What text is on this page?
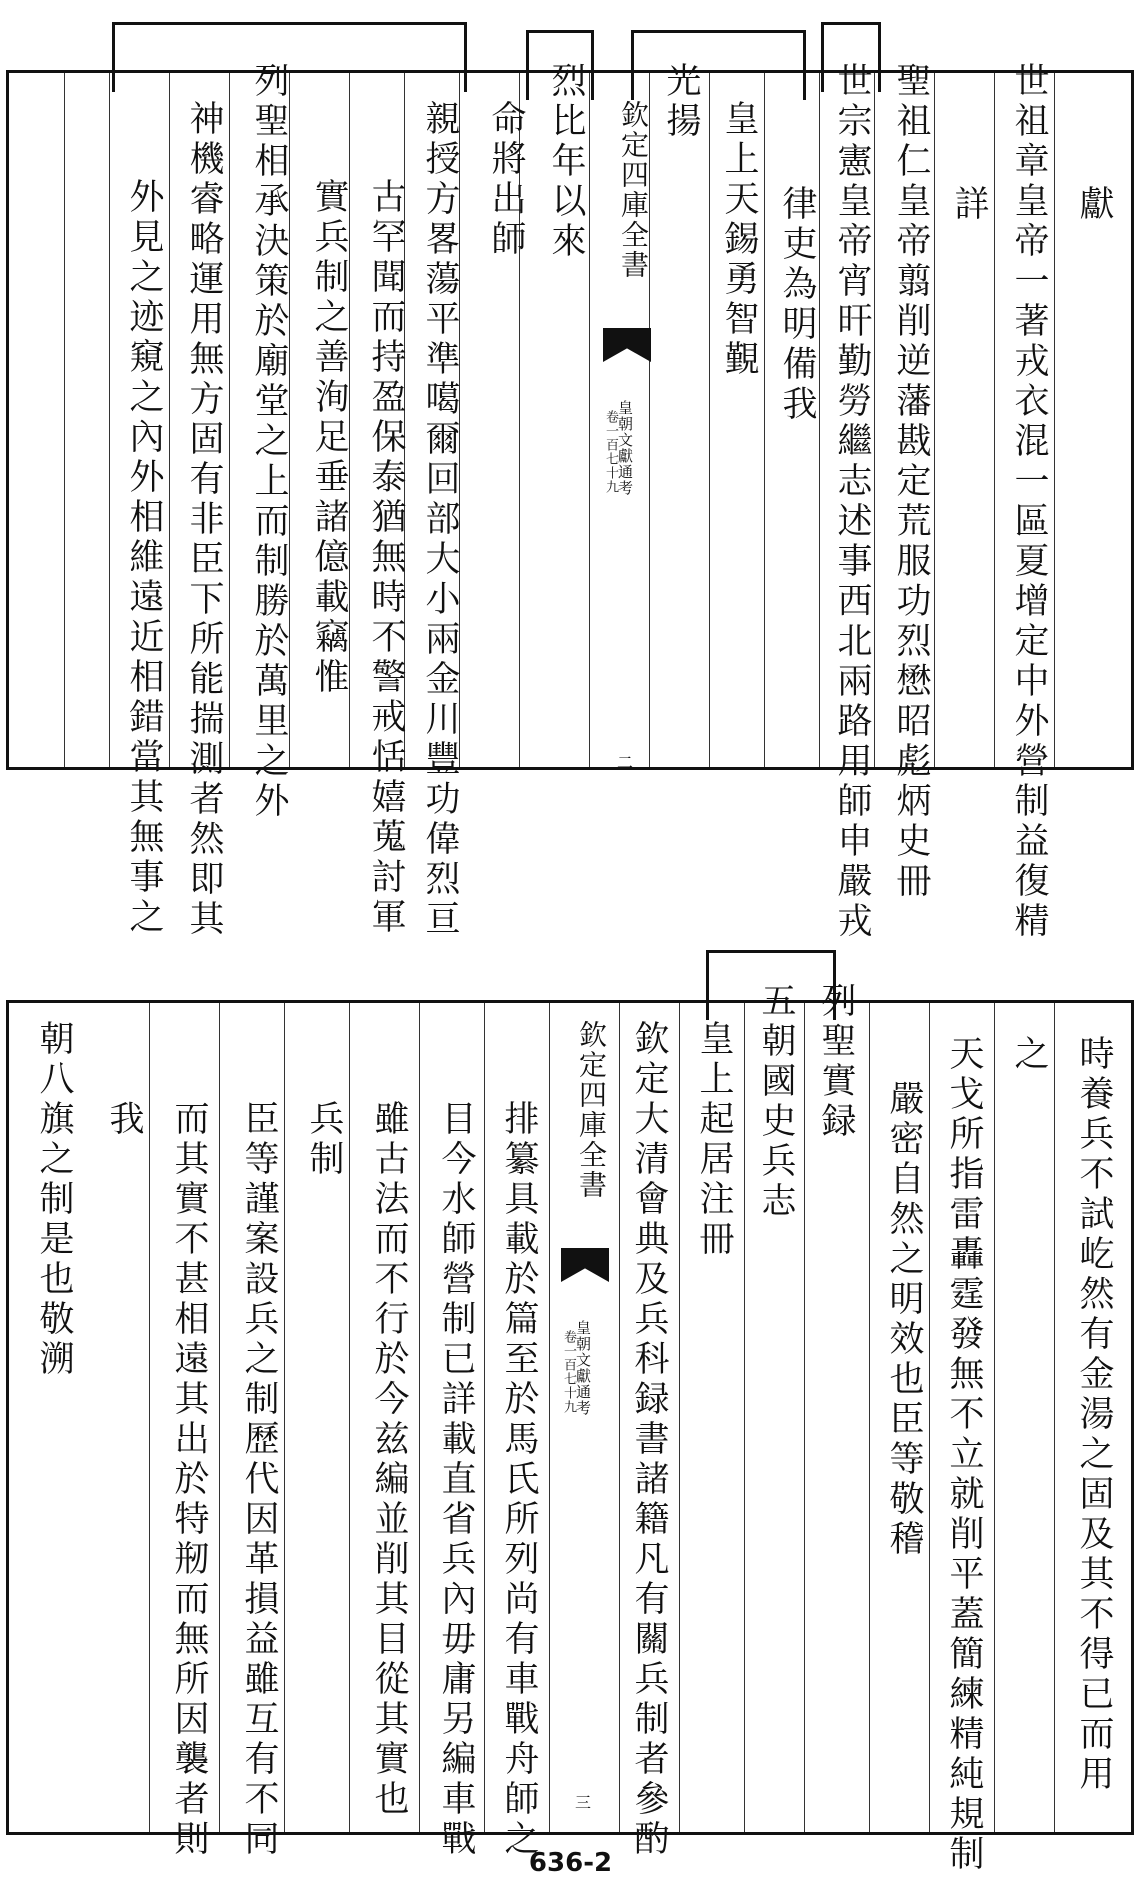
獻
世祖章皇帝一著戎衣混一區夏增定中外營制益復精
詳
聖祖仁皇帝翦削逆藩戡定荒服功烈懋昭彪炳史冊
世宗憲皇帝宵旰勤勞繼志述事西北兩路用師申嚴戎
律吏為明備我
皇上天錫勇智覲
光揚
欽定四庫全書
皇朝文獻通考
卷一百七十九
二
烈比年以來
命將出師
親授方畧蕩平準噶爾回部大小兩金川豐功偉烈亘
古罕聞而持盈保泰猶無時不警戒恬嬉蒐討軍
實兵制之善洵足垂諸億載竊惟
列聖相承決策於廟堂之上而制勝於萬里之外
神機睿略運用無方固有非臣下所能揣測者然即其
外見之迹窺之內外相維遠近相錯當其無事之
時養兵不試屹然有金湯之固及其不得已而用
之
天戈所指雷轟霆發無不立就削平蓋簡練精純規制
嚴密自然之明效也臣等敬稽
列聖實録
五朝國史兵志
皇上起居注冊
欽定大清會典及兵科録書諸籍凡有關兵制者參酌
欽定四庫全書
皇朝文獻通考
卷一百七十九
三
排纂具載於篇至於馬氏所列尚有車戰舟師之
目今水師營制已詳載直省兵內毋庸另編車戰
雖古法而不行於今兹編並削其目從其實也
兵制
臣等謹案設兵之制歷代因革損益雖互有不同
而其實不甚相遠其出於特剏而無所因襲者則
我
朝八旗之制是也敬溯
636-2
